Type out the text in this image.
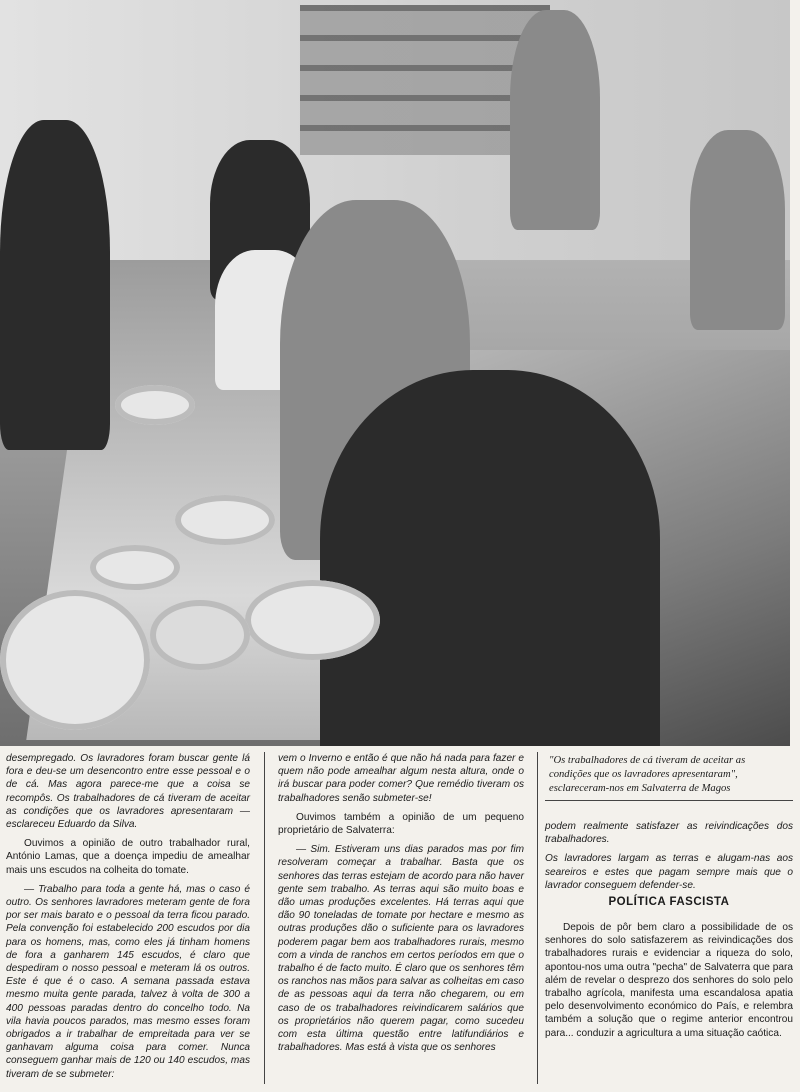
desempregado. Os lavradores foram buscar gente lá fora e deu-se um desencontro entre esse pessoal e o de cá. Mas agora parece-me que a coisa se recompôs. Os trabalhadores de cá tiveram de aceitar as condições que os lavradores apresentaram — esclareceu Eduardo da Silva.

Ouvimos a opinião de outro trabalhador rural, António Lamas, que a doença impediu de amealhar mais uns escudos na colheita do tomate.

— Trabalho para toda a gente há, mas o caso é outro. Os senhores lavradores meteram gente de fora por ser mais barato e o pessoal da terra ficou parado. Pela convenção foi estabelecido 200 escudos por dia para os homens, mas, como eles já tinham homens de fora a ganharem 145 escudos, é claro que despediram o nosso pessoal e meteram lá os outros. Este é que é o caso. A semana passada estava mesmo muita gente parada, talvez à volta de 300 a 400 pessoas paradas dentro do concelho todo. Na vila havia poucos parados, mas mesmo esses foram obrigados a ir trabalhar de empreitada para ver se ganhavam alguma coisa para comer. Nunca conseguem ganhar mais de 120 ou 140 escudos, mas tiveram de se submeter:

vem o Inverno e então é que não há nada para fazer e quem não pode amealhar algum nesta altura, onde o irá buscar para poder comer? Que remédio tiveram os trabalhadores senão submeter-se!

Ouvimos também a opinião de um pequeno proprietário de Salvaterra:

— Sim. Estiveram uns dias parados mas por fim resolveram começar a trabalhar. Basta que os senhores das terras estejam de acordo para não haver gente sem trabalho. As terras aqui são muito boas e dão umas produções excelentes. Há terras aqui que dão 90 toneladas de tomate por hectare e mesmo as outras produções dão o suficiente para os lavradores poderem pagar bem aos trabalhadores rurais, mesmo com a vinda de ranchos em certos períodos em que o trabalho é de facto muito. É claro que os senhores têm os ranchos nas mãos para salvar as colheitas em caso de as pessoas aqui da terra não chegarem, ou em caso de os trabalhadores reivindicarem salários que os proprietários não querem pagar, como sucedeu com esta última questão entre latifundiários e trabalhadores. Mas está à vista que os senhores

"Os trabalhadores de cá tiveram de aceitar as condições que os lavradores apresentaram", esclareceram-nos em Salvaterra de Magos

podem realmente satisfazer as reivindicações dos trabalhadores.

Os lavradores largam as terras e alugam-nas aos seareiros e estes que pagam sempre mais que o lavrador conseguem defender-se.

POLÍTICA FASCISTA

Depois de pôr bem claro a possibilidade de os senhores do solo satisfazerem as reivindicações dos trabalhadores rurais e evidenciar a riqueza do solo, apontou-nos uma outra "pecha" de Salvaterra que para além de revelar o desprezo dos senhores do solo pelo trabalho agrícola, manifesta uma escandalosa apatia pelo desenvolvimento económico do País, e relembra também a solução que o regime anterior encontrou para... conduzir a agricultura a uma situação caótica.
